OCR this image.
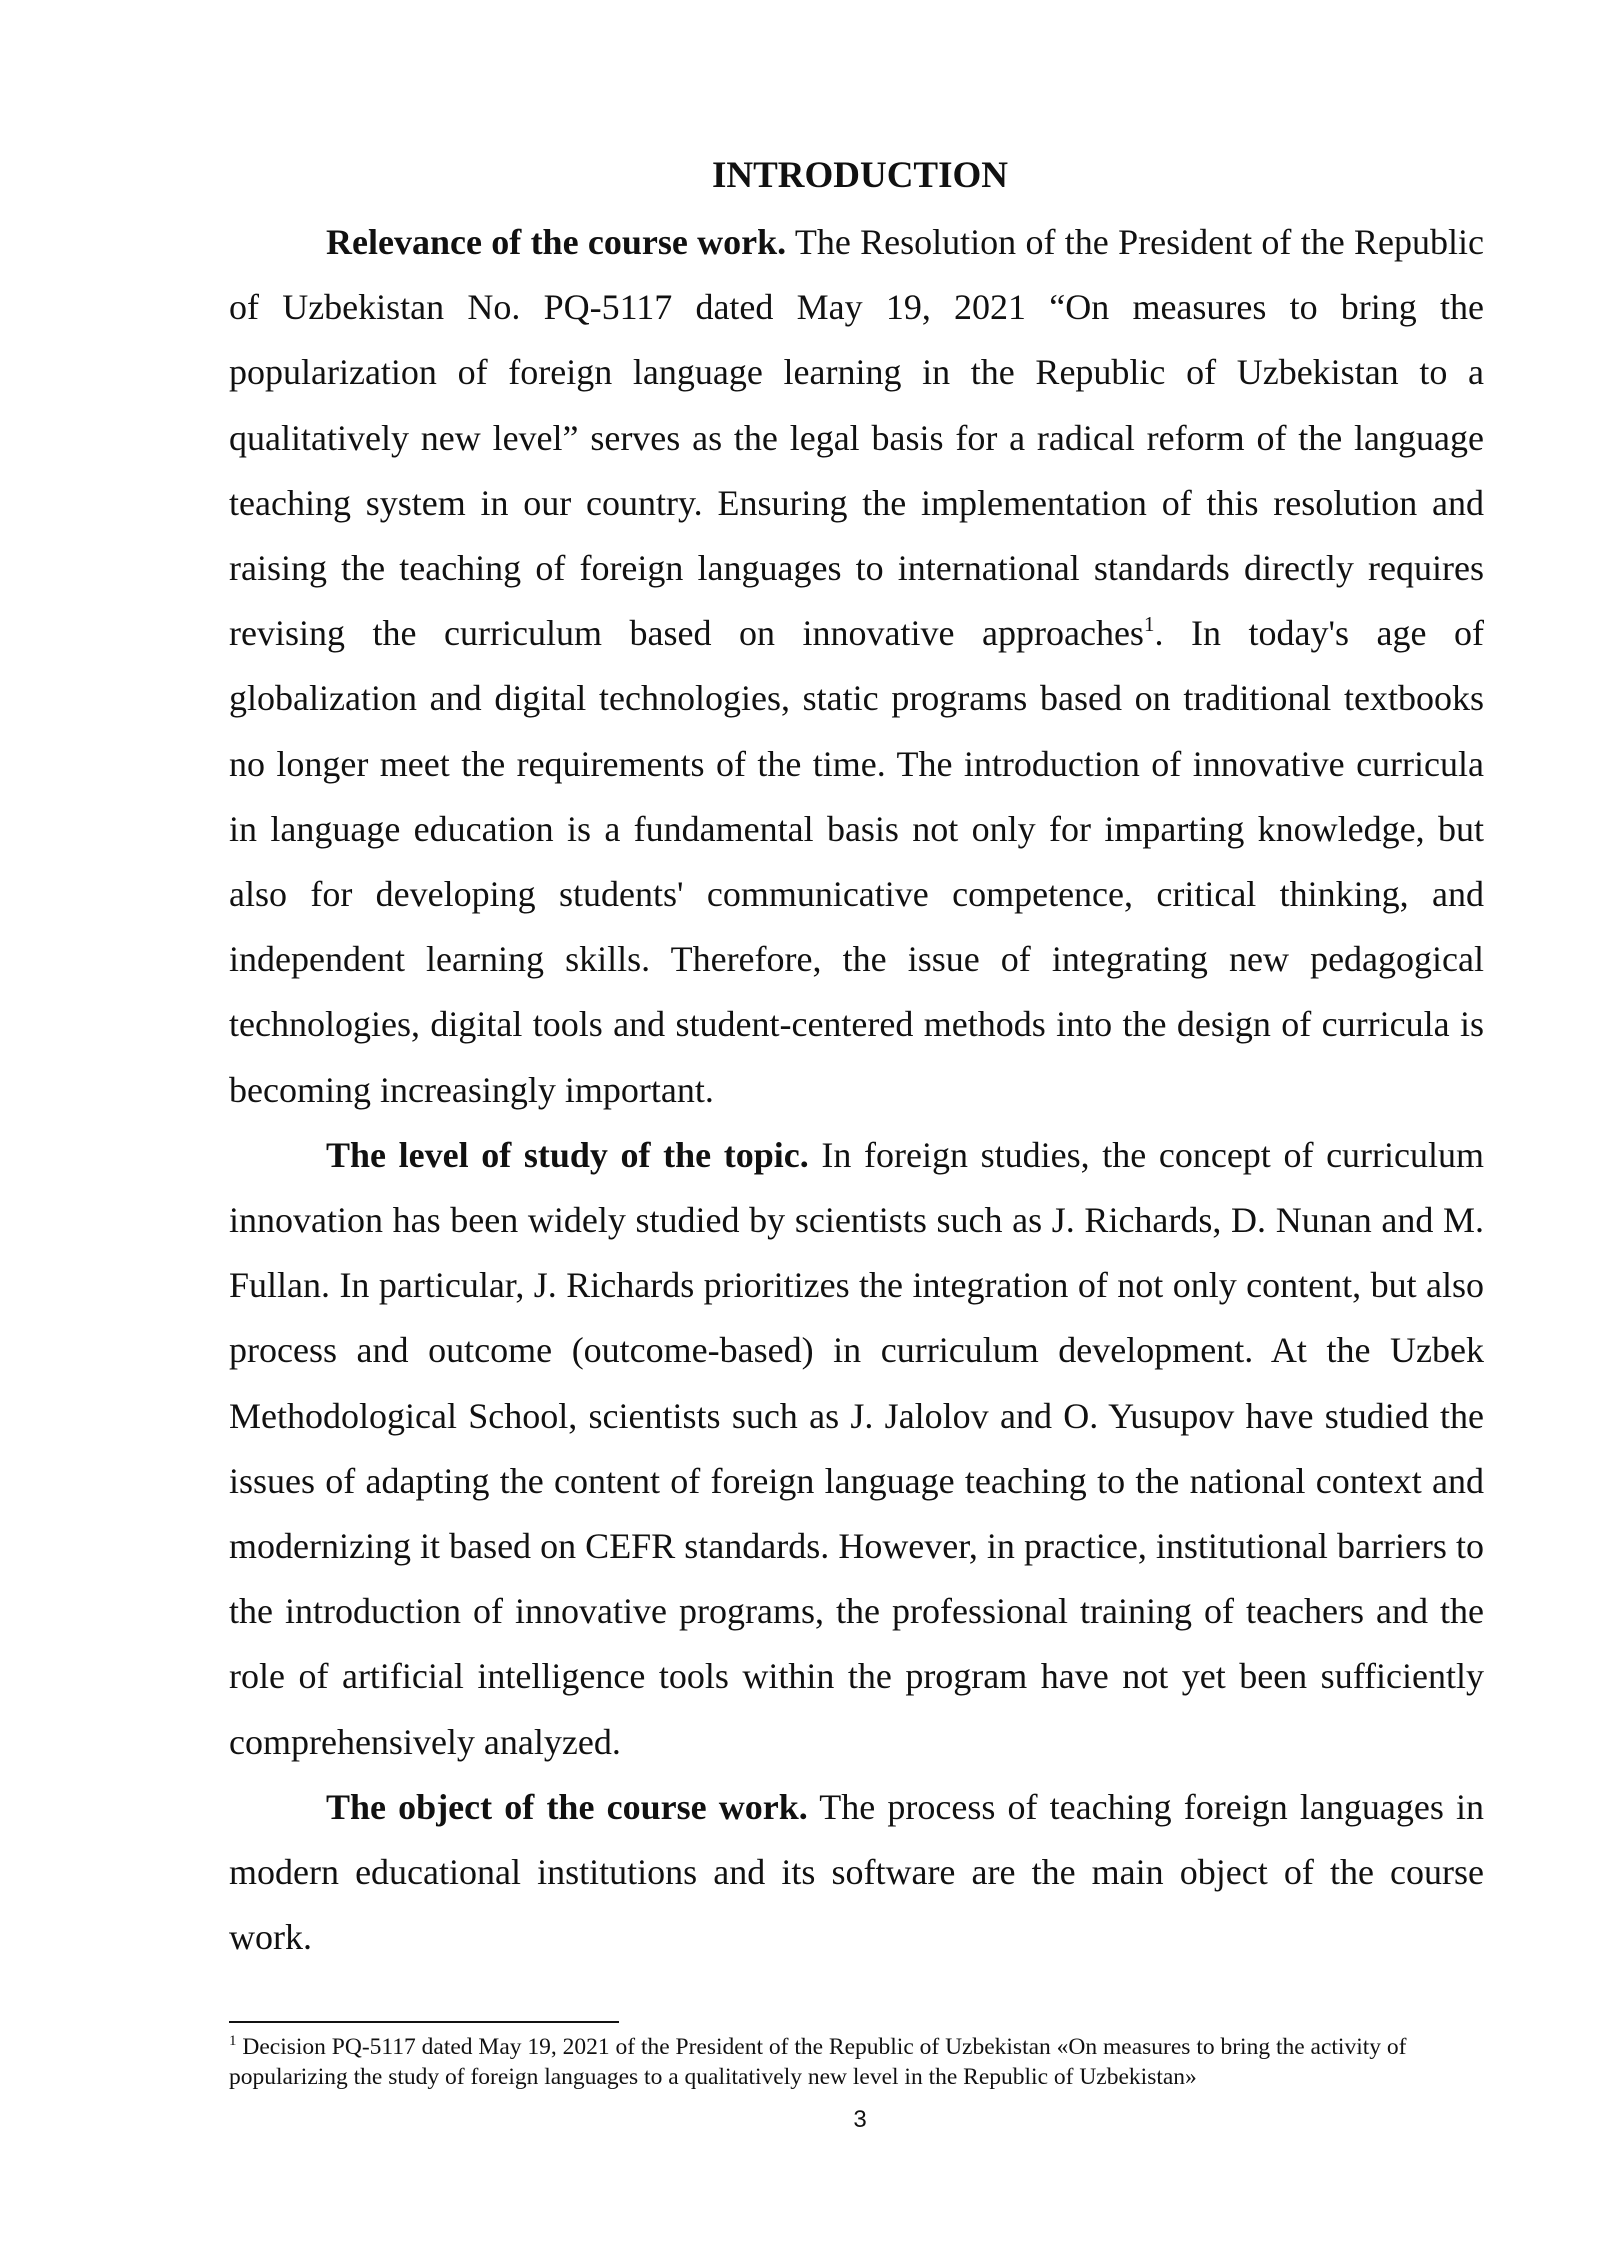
INTRODUCTION

Relevance of the course work. The Resolution of the President of the Republic of Uzbekistan No. PQ-5117 dated May 19, 2021 “On measures to bring the popularization of foreign language learning in the Republic of Uzbekistan to a qualitatively new level” serves as the legal basis for a radical reform of the language teaching system in our country. Ensuring the implementation of this resolution and raising the teaching of foreign languages to international standards directly requires revising the curriculum based on innovative approaches$^1$. In today's age of globalization and digital technologies, static programs based on traditional textbooks no longer meet the requirements of the time. The introduction of innovative curricula in language education is a fundamental basis not only for imparting knowledge, but also for developing students' communicative competence, critical thinking, and independent learning skills. Therefore, the issue of integrating new pedagogical technologies, digital tools and student-centered methods into the design of curricula is becoming increasingly important.

The level of study of the topic. In foreign studies, the concept of curriculum innovation has been widely studied by scientists such as J. Richards, D. Nunan and M. Fullan. In particular, J. Richards prioritizes the integration of not only content, but also process and outcome (outcome-based) in curriculum development. At the Uzbek Methodological School, scientists such as J. Jalolov and O. Yusupov have studied the issues of adapting the content of foreign language teaching to the national context and modernizing it based on CEFR standards. However, in practice, institutional barriers to the introduction of innovative programs, the professional training of teachers and the role of artificial intelligence tools within the program have not yet been sufficiently comprehensively analyzed.

The object of the course work. The process of teaching foreign languages in modern educational institutions and its software are the main object of the course work.

$^1$ Decision PQ-5117 dated May 19, 2021 of the President of the Republic of Uzbekistan «On measures to bring the activity of popularizing the study of foreign languages to a qualitatively new level in the Republic of Uzbekistan»

3
